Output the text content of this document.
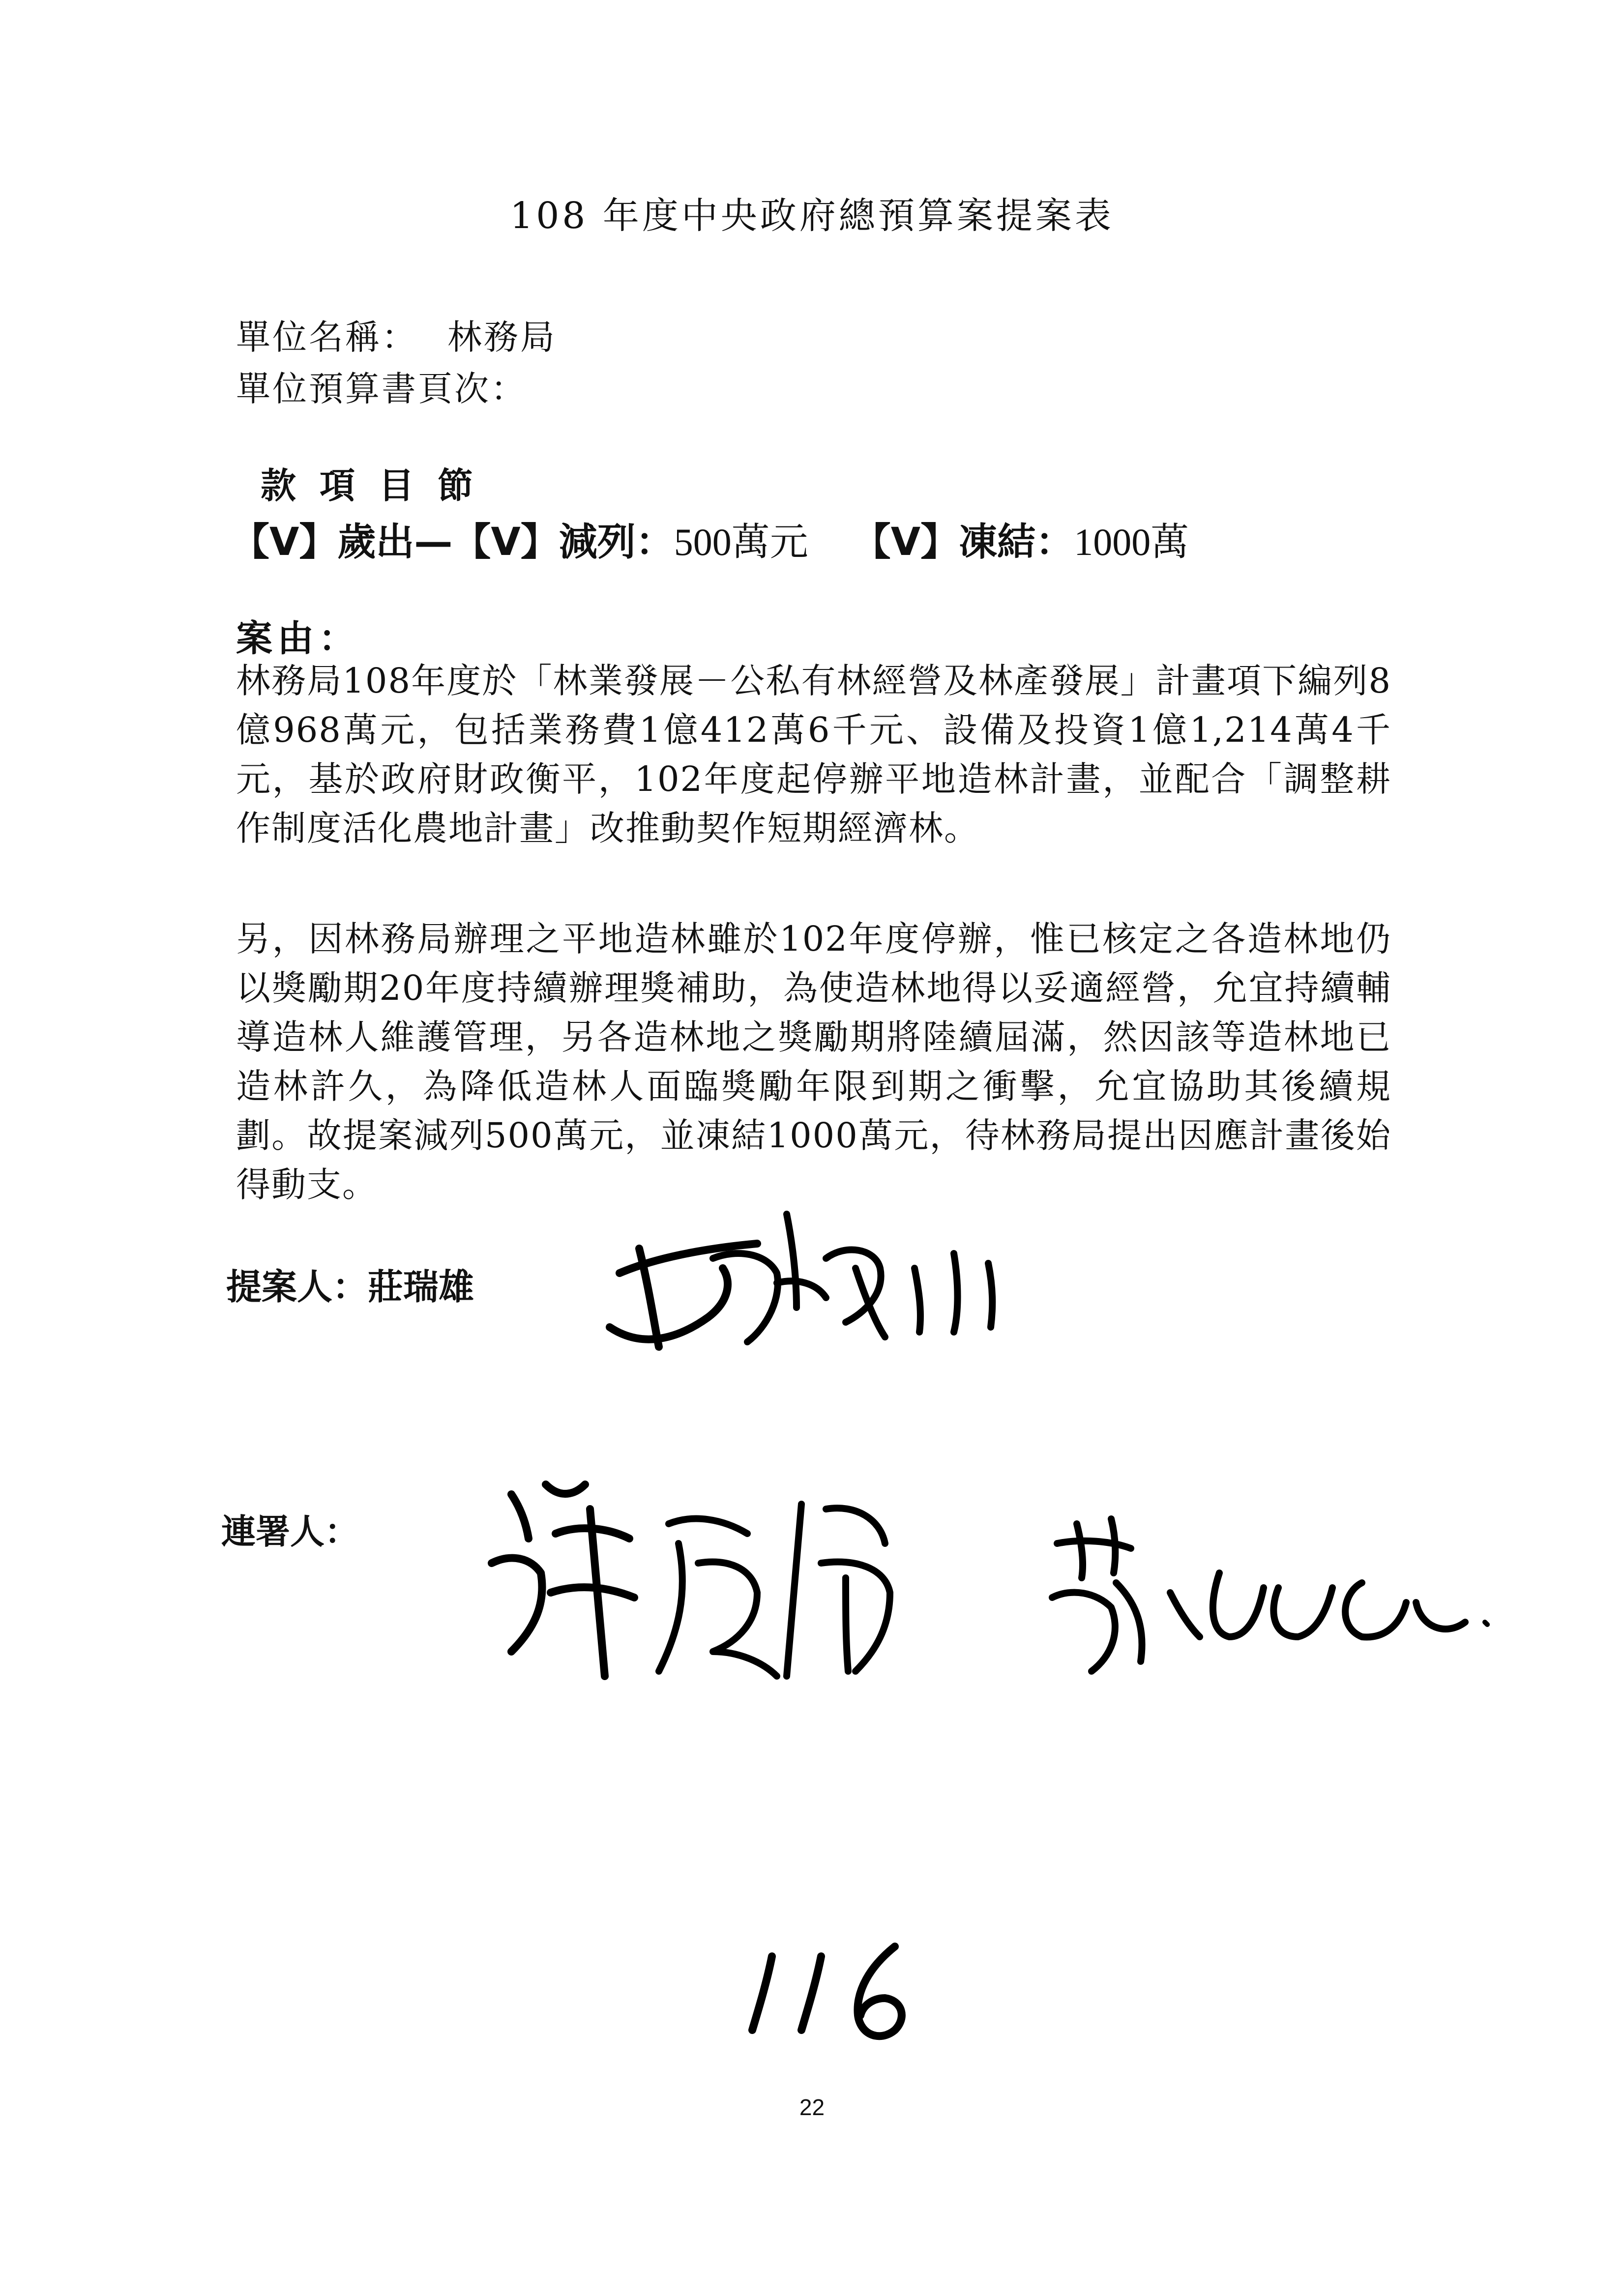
108 年度中央政府總預算案提案表
單位名稱： 林務局
單位預算書頁次：
款項目節
【V】歲出—【V】減列：500萬元 【V】凍結：1000萬
案由：
林務局108年度於「林業發展－公私有林經營及林產發展」計畫項下編列8億968萬元，包括業務費1億412萬6千元、設備及投資1億1,214萬4千元，基於政府財政衡平，102年度起停辦平地造林計畫，並配合「調整耕作制度活化農地計畫」改推動契作短期經濟林。
另，因林務局辦理之平地造林雖於102年度停辦，惟已核定之各造林地仍以獎勵期20年度持續辦理獎補助，為使造林地得以妥適經營，允宜持續輔導造林人維護管理，另各造林地之獎勵期將陸續屆滿，然因該等造林地已造林許久，為降低造林人面臨獎勵年限到期之衝擊，允宜協助其後續規劃。故提案減列500萬元，並凍結1000萬元，待林務局提出因應計畫後始得動支。
提案人：莊瑞雄
連署人：
22
